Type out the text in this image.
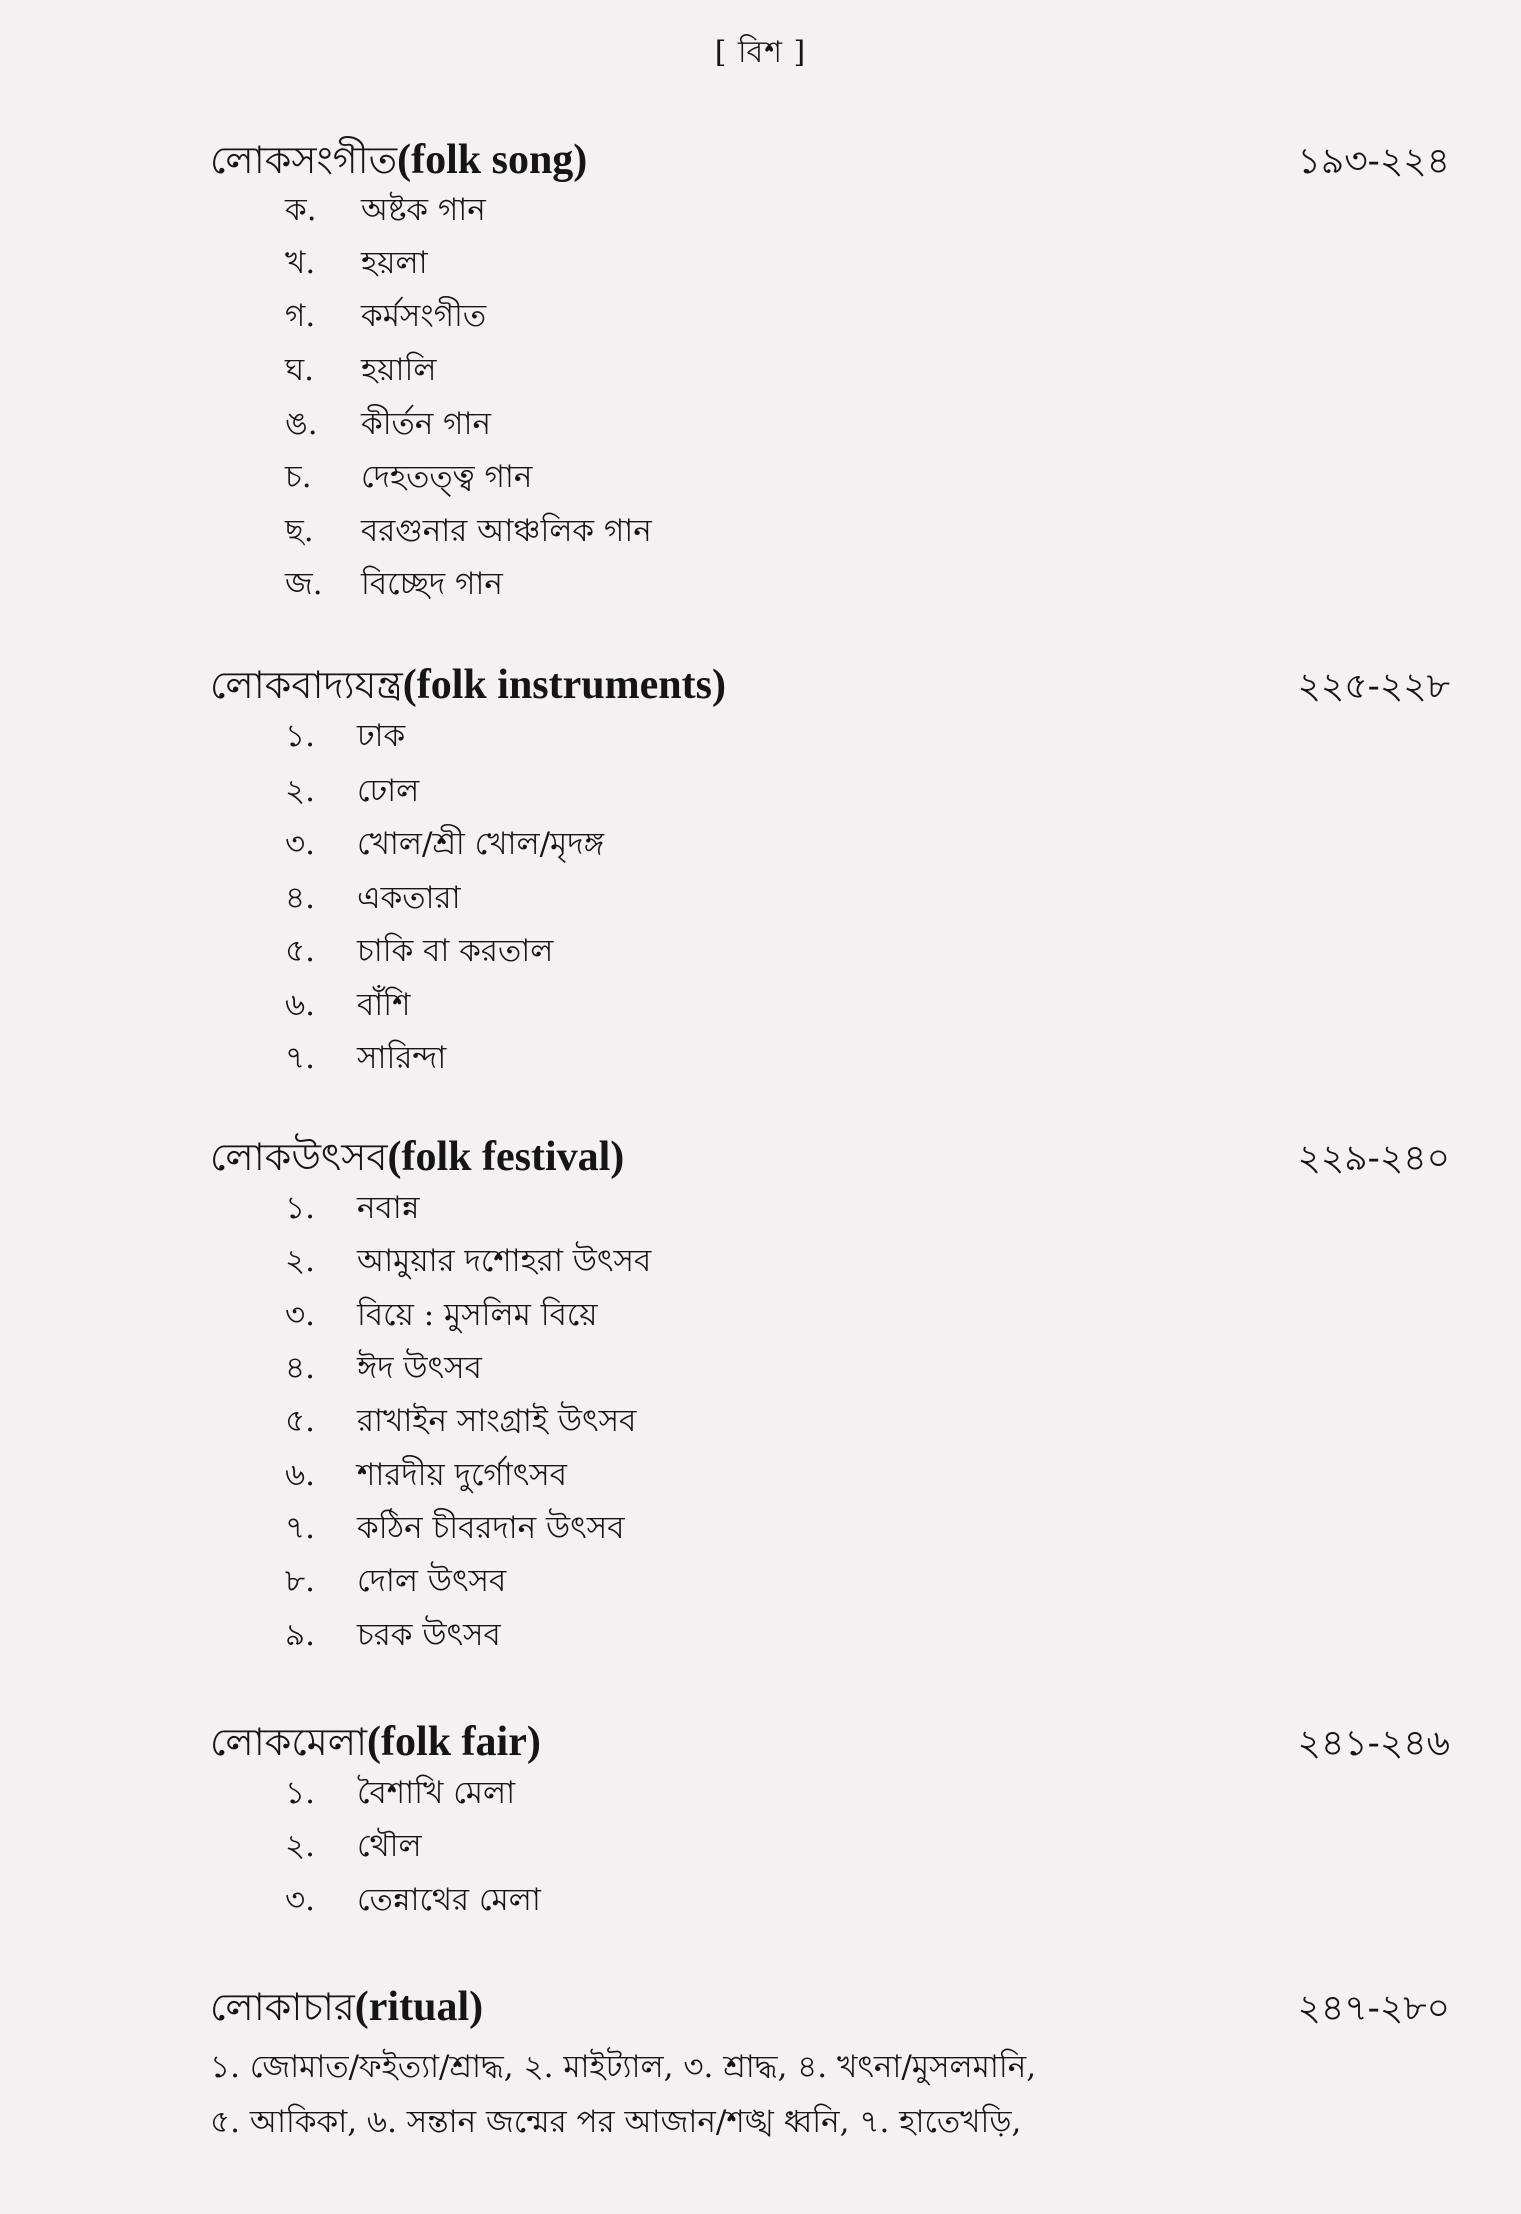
[ বিশ ]
লোকসংগীত(folk song)	১৯৩-২২৪
ক. অষ্টক গান
খ. হয়লা
গ. কর্মসংগীত
ঘ. হয়ালি
ঙ. কীর্তন গান
চ. দেহতত্ত্ব গান
ছ. বরগুনার আঞ্চলিক গান
জ. বিচ্ছেদ গান
লোকবাদ্যযন্ত্র(folk instruments)	২২৫-২২৮
১. ঢাক
২. ঢোল
৩. খোল/শ্রী খোল/মৃদঙ্গ
৪. একতারা
৫. চাকি বা করতাল
৬. বাঁশি
৭. সারিন্দা
লোকউৎসব(folk festival)	২২৯-২৪০
১. নবান্ন
২. আমুয়ার দশোহরা উৎসব
৩. বিয়ে : মুসলিম বিয়ে
৪. ঈদ উৎসব
৫. রাখাইন সাংগ্রাই উৎসব
৬. শারদীয় দুর্গোৎসব
৭. কঠিন চীবরদান উৎসব
৮. দোল উৎসব
৯. চরক উৎসব
লোকমেলা(folk fair)	২৪১-২৪৬
১. বৈশাখি মেলা
২. থৌল
৩. তেন্নাথের মেলা
লোকাচার(ritual)	২৪৭-২৮০
১. জোমাত/ফইত্যা/শ্রাদ্ধ, ২. মাইট্যাল, ৩. শ্রাদ্ধ, ৪. খৎনা/মুসলমানি,
৫. আকিকা, ৬. সন্তান জন্মের পর আজান/শঙ্খ ধ্বনি, ৭. হাতেখড়ি,
